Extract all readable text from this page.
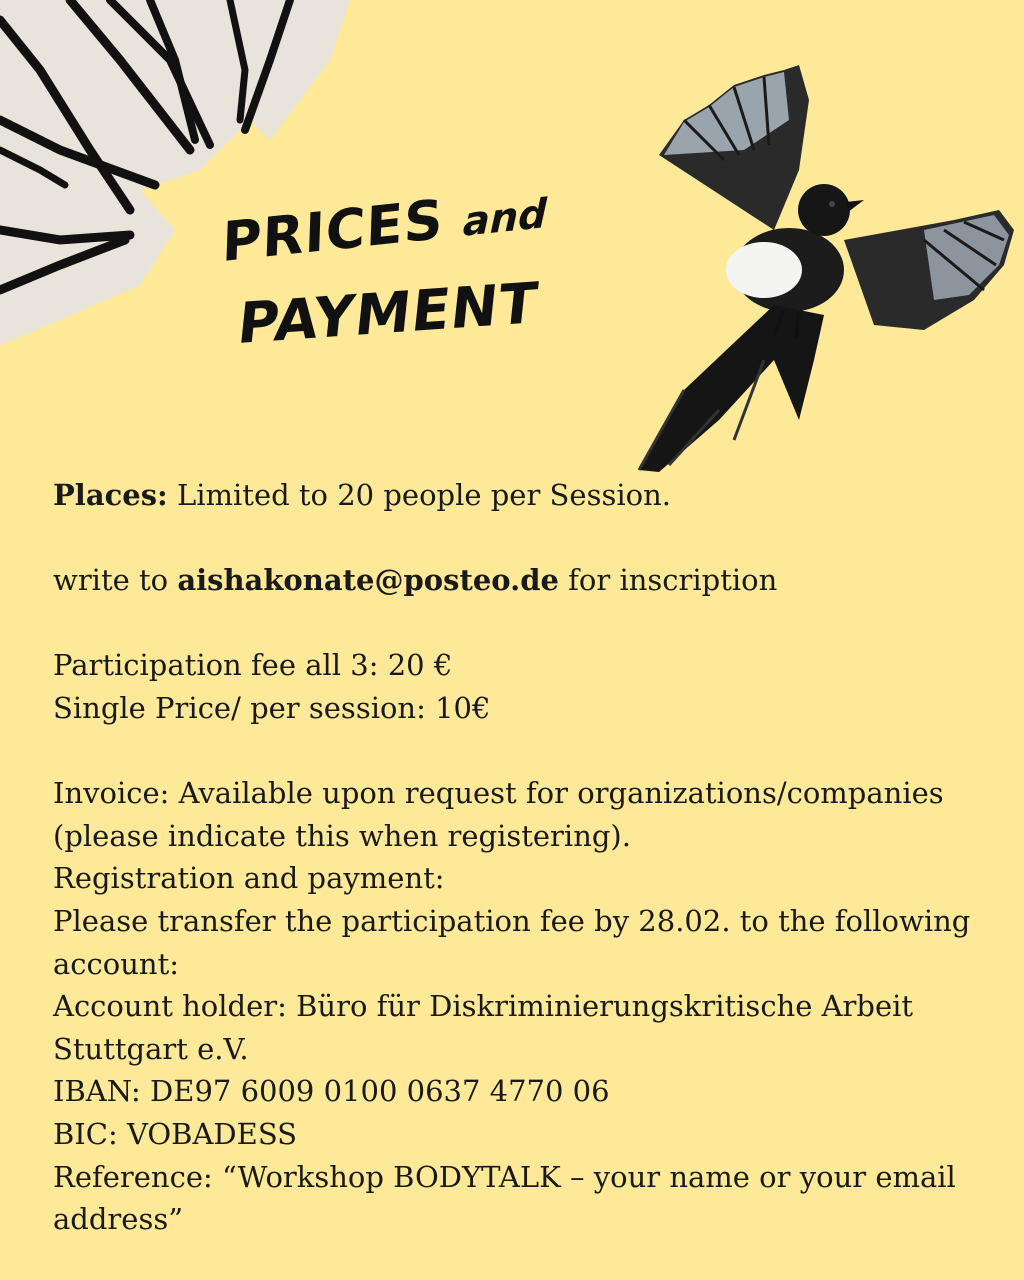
PRICES and
PAYMENT

Places: Limited to 20 people per Session.

write to aishakonate@posteo.de for inscription

Participation fee all 3: 20 €

Single Price/ per session: 10€

Invoice: Available upon request for organizations/companies (please indicate this when registering).

Registration and payment:

Please transfer the participation fee by 28.02. to the following account:

Account holder: Büro für Diskriminierungskritische Arbeit Stuttgart e.V.

IBAN: DE97 6009 0100 0637 4770 06

BIC: VOBADESS

Reference: “Workshop BODYTALK – your name or your email address”
